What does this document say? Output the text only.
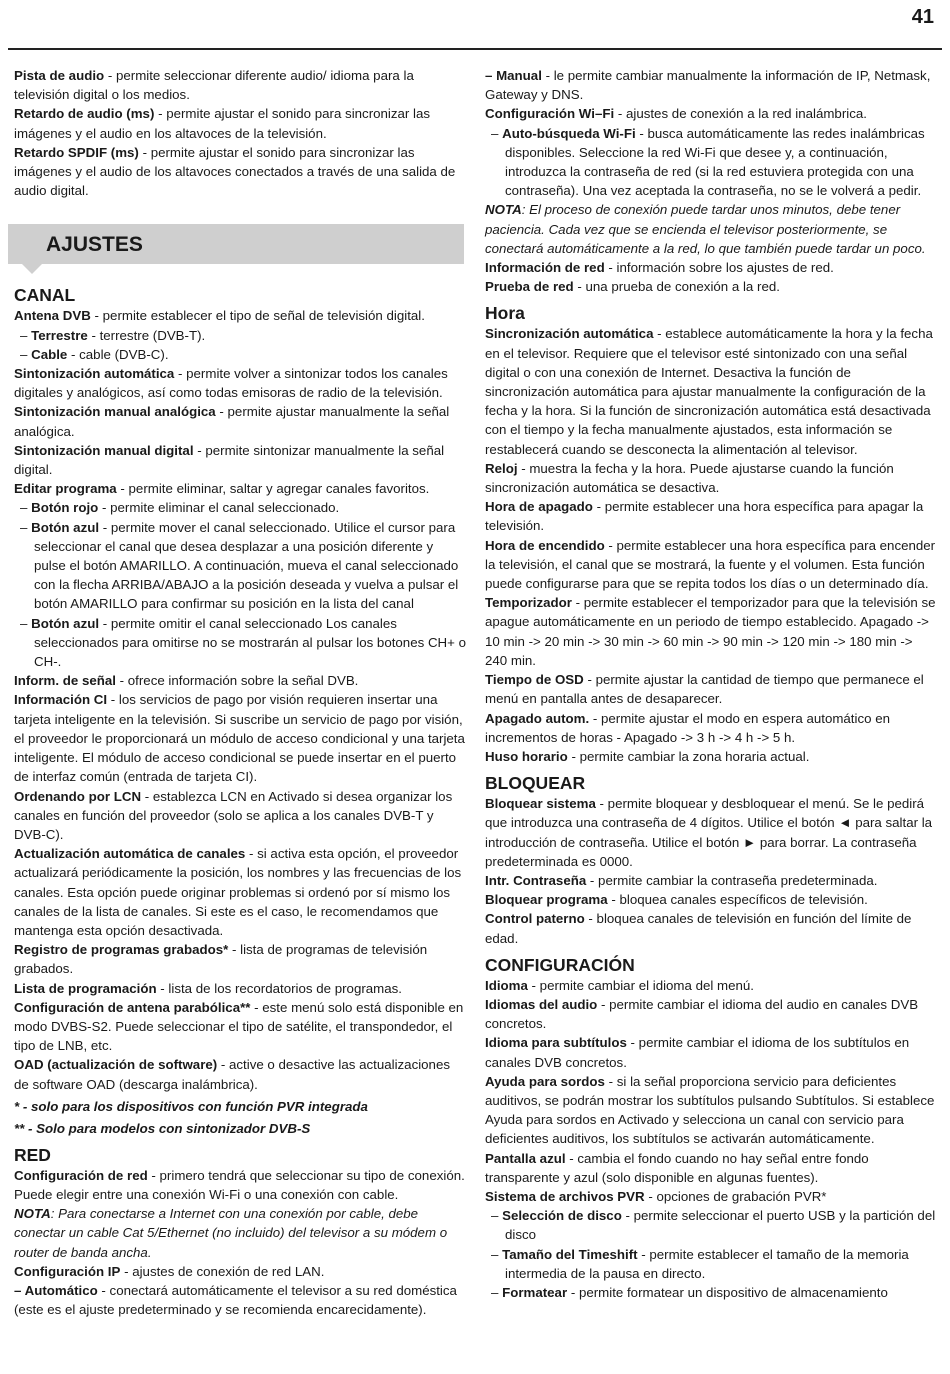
41
Pista de audio - permite seleccionar diferente audio/ idioma para la televisión digital o los medios.
Retardo de audio (ms) - permite ajustar el sonido para sincronizar las imágenes y el audio en los altavoces de la televisión.
Retardo SPDIF (ms) - permite ajustar el sonido para sincronizar las imágenes y el audio de los altavoces conectados a través de una salida de audio digital.
AJUSTES
CANAL
Antena DVB - permite establecer el tipo de señal de televisión digital.
– Terrestre - terrestre (DVB-T).
– Cable - cable (DVB-C).
Sintonización automática - permite volver a sintonizar todos los canales digitales y analógicos, así como todas emisoras de radio de la televisión.
Sintonización manual analógica - permite ajustar manualmente la señal analógica.
Sintonización manual digital - permite sintonizar manualmente la señal digital.
Editar programa - permite eliminar, saltar y agregar canales favoritos.
– Botón rojo - permite eliminar el canal seleccionado.
– Botón azul - permite mover el canal seleccionado. Utilice el cursor para seleccionar el canal que desea desplazar a una posición diferente y pulse el botón AMARILLO. A continuación, mueva el canal seleccionado con la flecha ARRIBA/ABAJO a la posición deseada y vuelva a pulsar el botón AMARILLO para confirmar su posición en la lista del canal
– Botón azul - permite omitir el canal seleccionado Los canales seleccionados para omitirse no se mostrarán al pulsar los botones CH+ o CH-.
Inform. de señal - ofrece información sobre la señal DVB.
Información CI - los servicios de pago por visión requieren insertar una tarjeta inteligente en la televisión. Si suscribe un servicio de pago por visión, el proveedor le proporcionará un módulo de acceso condicional y una tarjeta inteligente. El módulo de acceso condicional se puede insertar en el puerto de interfaz común (entrada de tarjeta CI).
Ordenando por LCN - establezca LCN en Activado si desea organizar los canales en función del proveedor (solo se aplica a los canales DVB-T y DVB-C).
Actualización automática de canales - si activa esta opción, el proveedor actualizará periódicamente la posición, los nombres y las frecuencias de los canales. Esta opción puede originar problemas si ordenó por sí mismo los canales de la lista de canales. Si este es el caso, le recomendamos que mantenga esta opción desactivada.
Registro de programas grabados* - lista de programas de televisión grabados.
Lista de programación - lista de los recordatorios de programas.
Configuración de antena parabólica** - este menú solo está disponible en modo DVBS-S2. Puede seleccionar el tipo de satélite, el transpondedor, el tipo de LNB, etc.
OAD (actualización de software) - active o desactive las actualizaciones de software OAD (descarga inalámbrica).
* - solo para los dispositivos con función PVR integrada
** - Solo para modelos con sintonizador DVB-S
RED
Configuración de red - primero tendrá que seleccionar su tipo de conexión. Puede elegir entre una conexión Wi-Fi o una conexión con cable.
NOTA: Para conectarse a Internet con una conexión por cable, debe conectar un cable Cat 5/Ethernet (no incluido) del televisor a su módem o router de banda ancha.
Configuración IP - ajustes de conexión de red LAN.
– Automático - conectará automáticamente el televisor a su red doméstica (este es el ajuste predeterminado y se recomienda encarecidamente).
– Manual - le permite cambiar manualmente la información de IP, Netmask, Gateway y DNS.
Configuración Wi–Fi - ajustes de conexión a la red inalámbrica.
– Auto-búsqueda Wi-Fi - busca automáticamente las redes inalámbricas disponibles. Seleccione la red Wi-Fi que desee y, a continuación, introduzca la contraseña de red (si la red estuviera protegida con una contraseña). Una vez aceptada la contraseña, no se le volverá a pedir.
NOTA: El proceso de conexión puede tardar unos minutos, debe tener paciencia. Cada vez que se encienda el televisor posteriormente, se conectará automáticamente a la red, lo que también puede tardar un poco.
Información de red - información sobre los ajustes de red.
Prueba de red - una prueba de conexión a la red.
Hora
Sincronización automática - establece automáticamente la hora y la fecha en el televisor. Requiere que el televisor esté sintonizado con una señal digital o con una conexión de Internet. Desactiva la función de sincronización automática para ajustar manualmente la configuración de la fecha y la hora. Si la función de sincronización automática está desactivada con el tiempo y la fecha manualmente ajustados, esta información se restablecerá cuando se desconecta la alimentación al televisor.
Reloj - muestra la fecha y la hora. Puede ajustarse cuando la función sincronización automática se desactiva.
Hora de apagado - permite establecer una hora específica para apagar la televisión.
Hora de encendido - permite establecer una hora específica para encender la televisión, el canal que se mostrará, la fuente y el volumen. Esta función puede configurarse para que se repita todos los días o un determinado día.
Temporizador - permite establecer el temporizador para que la televisión se apague automáticamente en un periodo de tiempo establecido. Apagado -> 10 min -> 20 min -> 30 min -> 60 min -> 90 min -> 120 min -> 180 min -> 240 min.
Tiempo de OSD - permite ajustar la cantidad de tiempo que permanece el menú en pantalla antes de desaparecer.
Apagado autom. - permite ajustar el modo en espera automático en incrementos de horas - Apagado -> 3 h -> 4 h -> 5 h.
Huso horario - permite cambiar la zona horaria actual.
BLOQUEAR
Bloquear sistema - permite bloquear y desbloquear el menú. Se le pedirá que introduzca una contraseña de 4 dígitos. Utilice el botón ◄ para saltar la introducción de contraseña. Utilice el botón ► para borrar. La contraseña predeterminada es 0000.
Intr. Contraseña - permite cambiar la contraseña predeterminada.
Bloquear programa - bloquea canales específicos de televisión.
Control paterno - bloquea canales de televisión en función del límite de edad.
CONFIGURACIÓN
Idioma - permite cambiar el idioma del menú.
Idiomas del audio - permite cambiar el idioma del audio en canales DVB concretos.
Idioma para subtítulos - permite cambiar el idioma de los subtítulos en canales DVB concretos.
Ayuda para sordos - si la señal proporciona servicio para deficientes auditivos, se podrán mostrar los subtítulos pulsando Subtítulos. Si establece Ayuda para sordos en Activado y selecciona un canal con servicio para deficientes auditivos, los subtítulos se activarán automáticamente.
Pantalla azul - cambia el fondo cuando no hay señal entre fondo transparente y azul (solo disponible en algunas fuentes).
Sistema de archivos PVR - opciones de grabación PVR*
– Selección de disco - permite seleccionar el puerto USB y la partición del disco
– Tamaño del Timeshift - permite establecer el tamaño de la memoria intermedia de la pausa en directo.
– Formatear - permite formatear un dispositivo de almacenamiento
